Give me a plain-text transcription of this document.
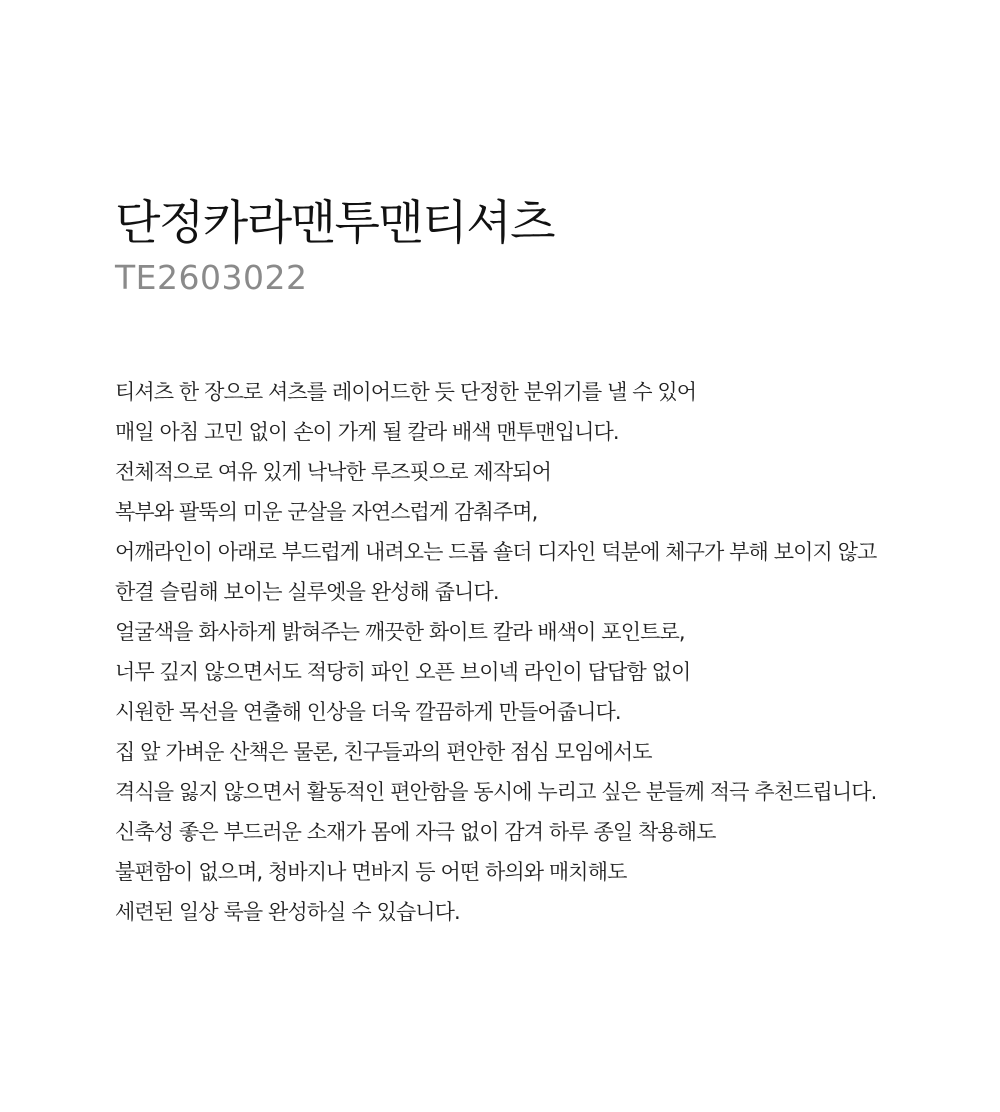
단정카라맨투맨티셔츠

TE2603022

티셔츠 한 장으로 셔츠를 레이어드한 듯 단정한 분위기를 낼 수 있어

매일 아침 고민 없이 손이 가게 될 칼라 배색 맨투맨입니다.

전체적으로 여유 있게 낙낙한 루즈핏으로 제작되어

복부와 팔뚝의 미운 군살을 자연스럽게 감춰주며,

어깨라인이 아래로 부드럽게 내려오는 드롭 숄더 디자인 덕분에 체구가 부해 보이지 않고

한결 슬림해 보이는 실루엣을 완성해 줍니다.

얼굴색을 화사하게 밝혀주는 깨끗한 화이트 칼라 배색이 포인트로,

너무 깊지 않으면서도 적당히 파인 오픈 브이넥 라인이 답답함 없이

시원한 목선을 연출해 인상을 더욱 깔끔하게 만들어줍니다.

집 앞 가벼운 산책은 물론, 친구들과의 편안한 점심 모임에서도

격식을 잃지 않으면서 활동적인 편안함을 동시에 누리고 싶은 분들께 적극 추천드립니다.

신축성 좋은 부드러운 소재가 몸에 자극 없이 감겨 하루 종일 착용해도

불편함이 없으며, 청바지나 면바지 등 어떤 하의와 매치해도

세련된 일상 룩을 완성하실 수 있습니다.
